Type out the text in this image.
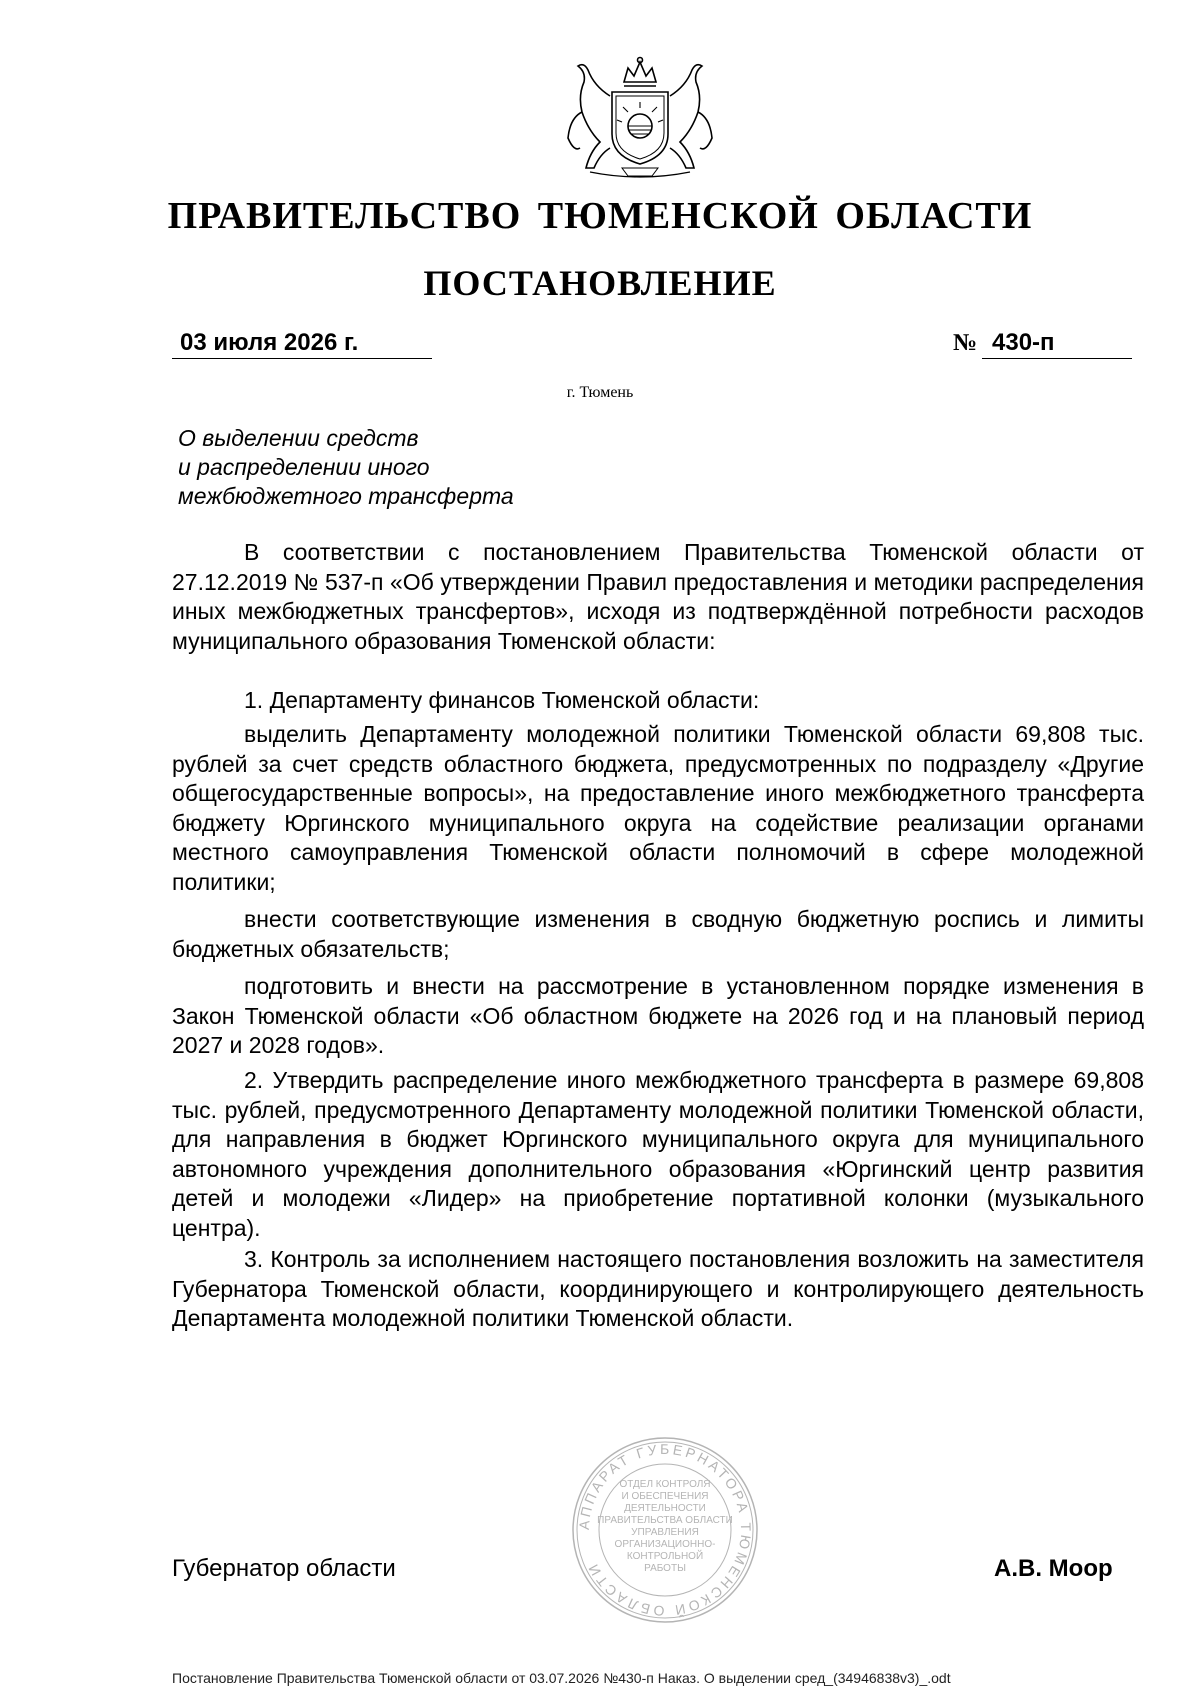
ПРАВИТЕЛЬСТВО ТЮМЕНСКОЙ ОБЛАСТИ
ПОСТАНОВЛЕНИЕ
03 июля 2026 г.	№ 430-п
г. Тюмень
О выделении средств
и распределении иного
межбюджетного трансферта
В соответствии с постановлением Правительства Тюменской области от 27.12.2019 № 537-п «Об утверждении Правил предоставления и методики распределения иных межбюджетных трансфертов», исходя из подтверждённой потребности расходов муниципального образования Тюменской области:
1. Департаменту финансов Тюменской области:
выделить Департаменту молодежной политики Тюменской области 69,808 тыс. рублей за счет средств областного бюджета, предусмотренных по подразделу «Другие общегосударственные вопросы», на предоставление иного межбюджетного трансферта бюджету Юргинского муниципального округа на содействие реализации органами местного самоуправления Тюменской области полномочий в сфере молодежной политики;
внести соответствующие изменения в сводную бюджетную роспись и лимиты бюджетных обязательств;
подготовить и внести на рассмотрение в установленном порядке изменения в Закон Тюменской области «Об областном бюджете на 2026 год и на плановый период 2027 и 2028 годов».
2. Утвердить распределение иного межбюджетного трансферта в размере 69,808 тыс. рублей, предусмотренного Департаменту молодежной политики Тюменской области, для направления в бюджет Юргинского муниципального округа для муниципального автономного учреждения дополнительного образования «Юргинский центр развития детей и молодежи «Лидер» на приобретение портативной колонки (музыкального центра).
3. Контроль за исполнением настоящего постановления возложить на заместителя Губернатора Тюменской области, координирующего и контролирующего деятельность Департамента молодежной политики Тюменской области.
АППАРАТ ГУБЕРНАТОРА ТЮМЕНСКОЙ ОБЛАСТИ
ОТДЕЛ КОНТРОЛЯ
И ОБЕСПЕЧЕНИЯ
ДЕЯТЕЛЬНОСТИ
ПРАВИТЕЛЬСТВА ОБЛАСТИ
УПРАВЛЕНИЯ
ОРГАНИЗАЦИОННО-
КОНТРОЛЬНОЙ
РАБОТЫ
Губернатор области	А.В. Моор
Постановление Правительства Тюменской области от 03.07.2026 №430-п Наказ. О выделении сред_(34946838v3)_.odt
